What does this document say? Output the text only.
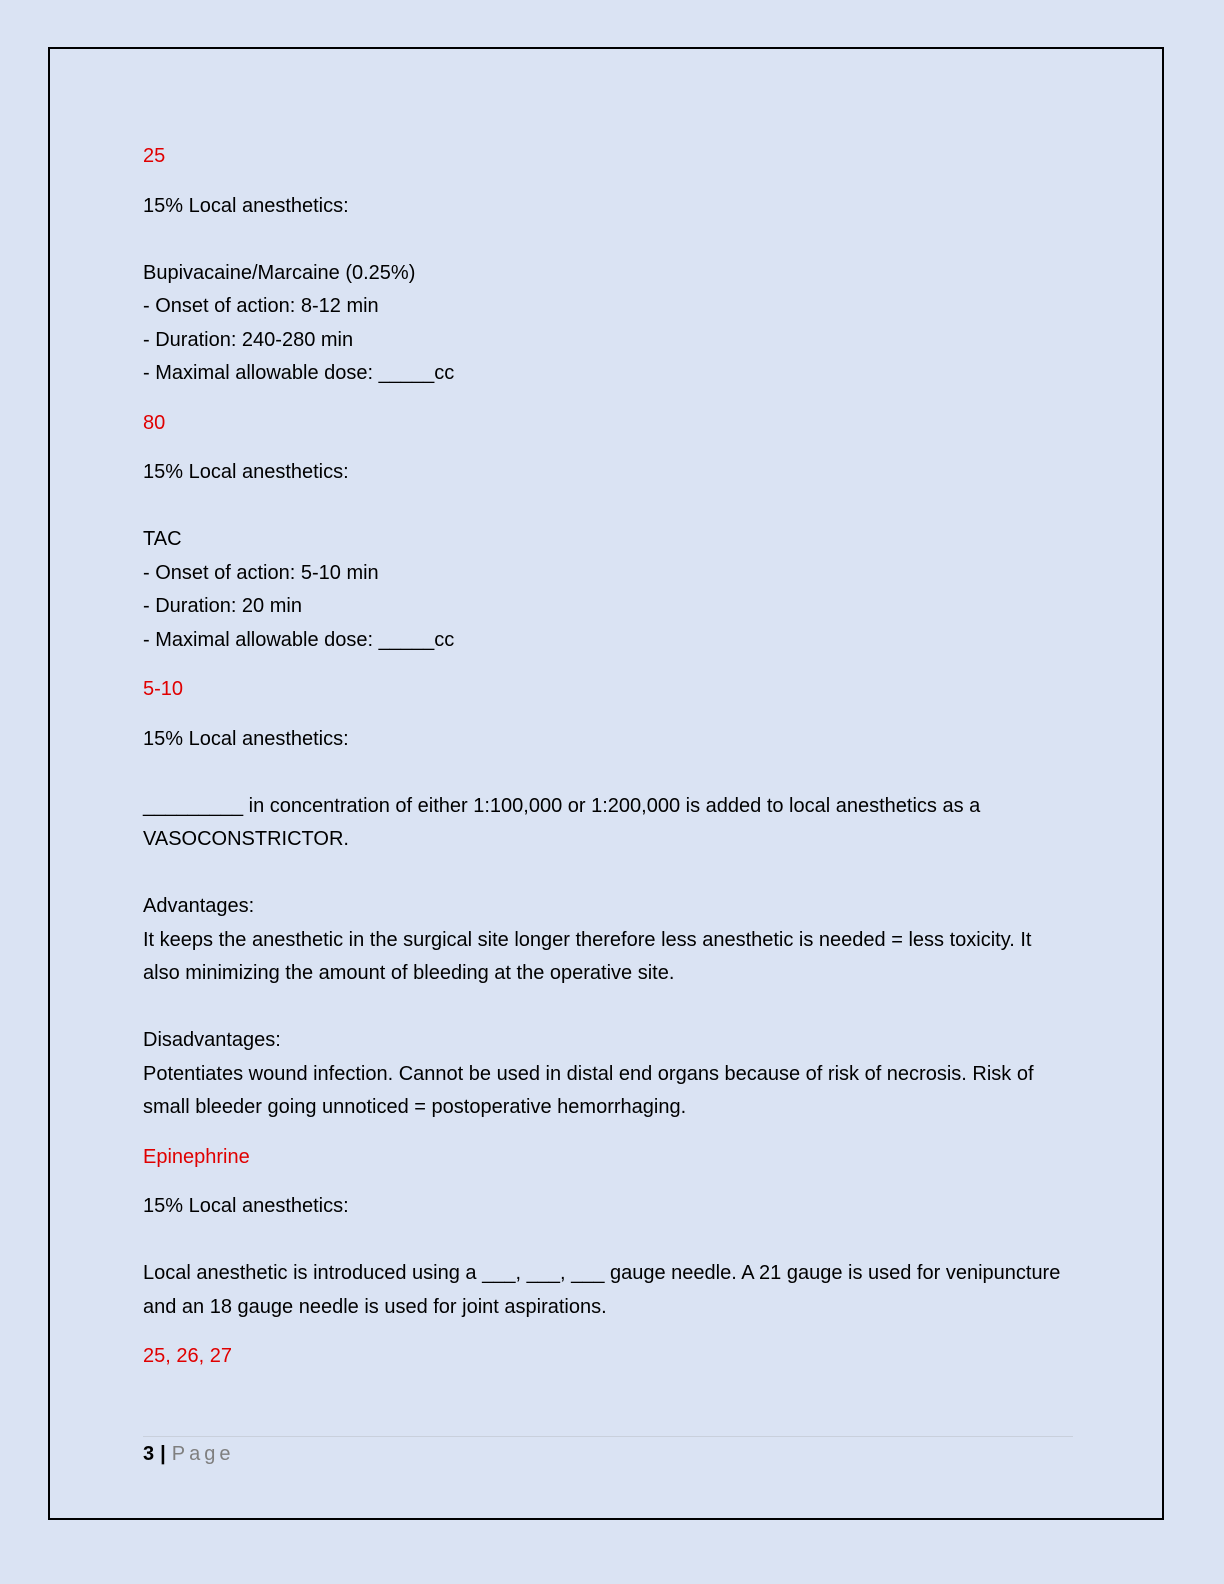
25

15% Local anesthetics:

Bupivacaine/Marcaine (0.25%)

- Onset of action: 8-12 min

- Duration: 240-280 min

- Maximal allowable dose: _____cc

80

15% Local anesthetics:

TAC

- Onset of action: 5-10 min

- Duration: 20 min

- Maximal allowable dose: _____cc

5-10

15% Local anesthetics:

_________ in concentration of either 1:100,000 or 1:200,000 is added to local anesthetics as a VASOCONSTRICTOR.

Advantages:

It keeps the anesthetic in the surgical site longer therefore less anesthetic is needed = less toxicity. It also minimizing the amount of bleeding at the operative site.

Disadvantages:

Potentiates wound infection. Cannot be used in distal end organs because of risk of necrosis. Risk of small bleeder going unnoticed = postoperative hemorrhaging.

Epinephrine

15% Local anesthetics:

Local anesthetic is introduced using a ___, ___, ___ gauge needle. A 21 gauge is used for venipuncture and an 18 gauge needle is used for joint aspirations.

25, 26, 27

3 | Page
